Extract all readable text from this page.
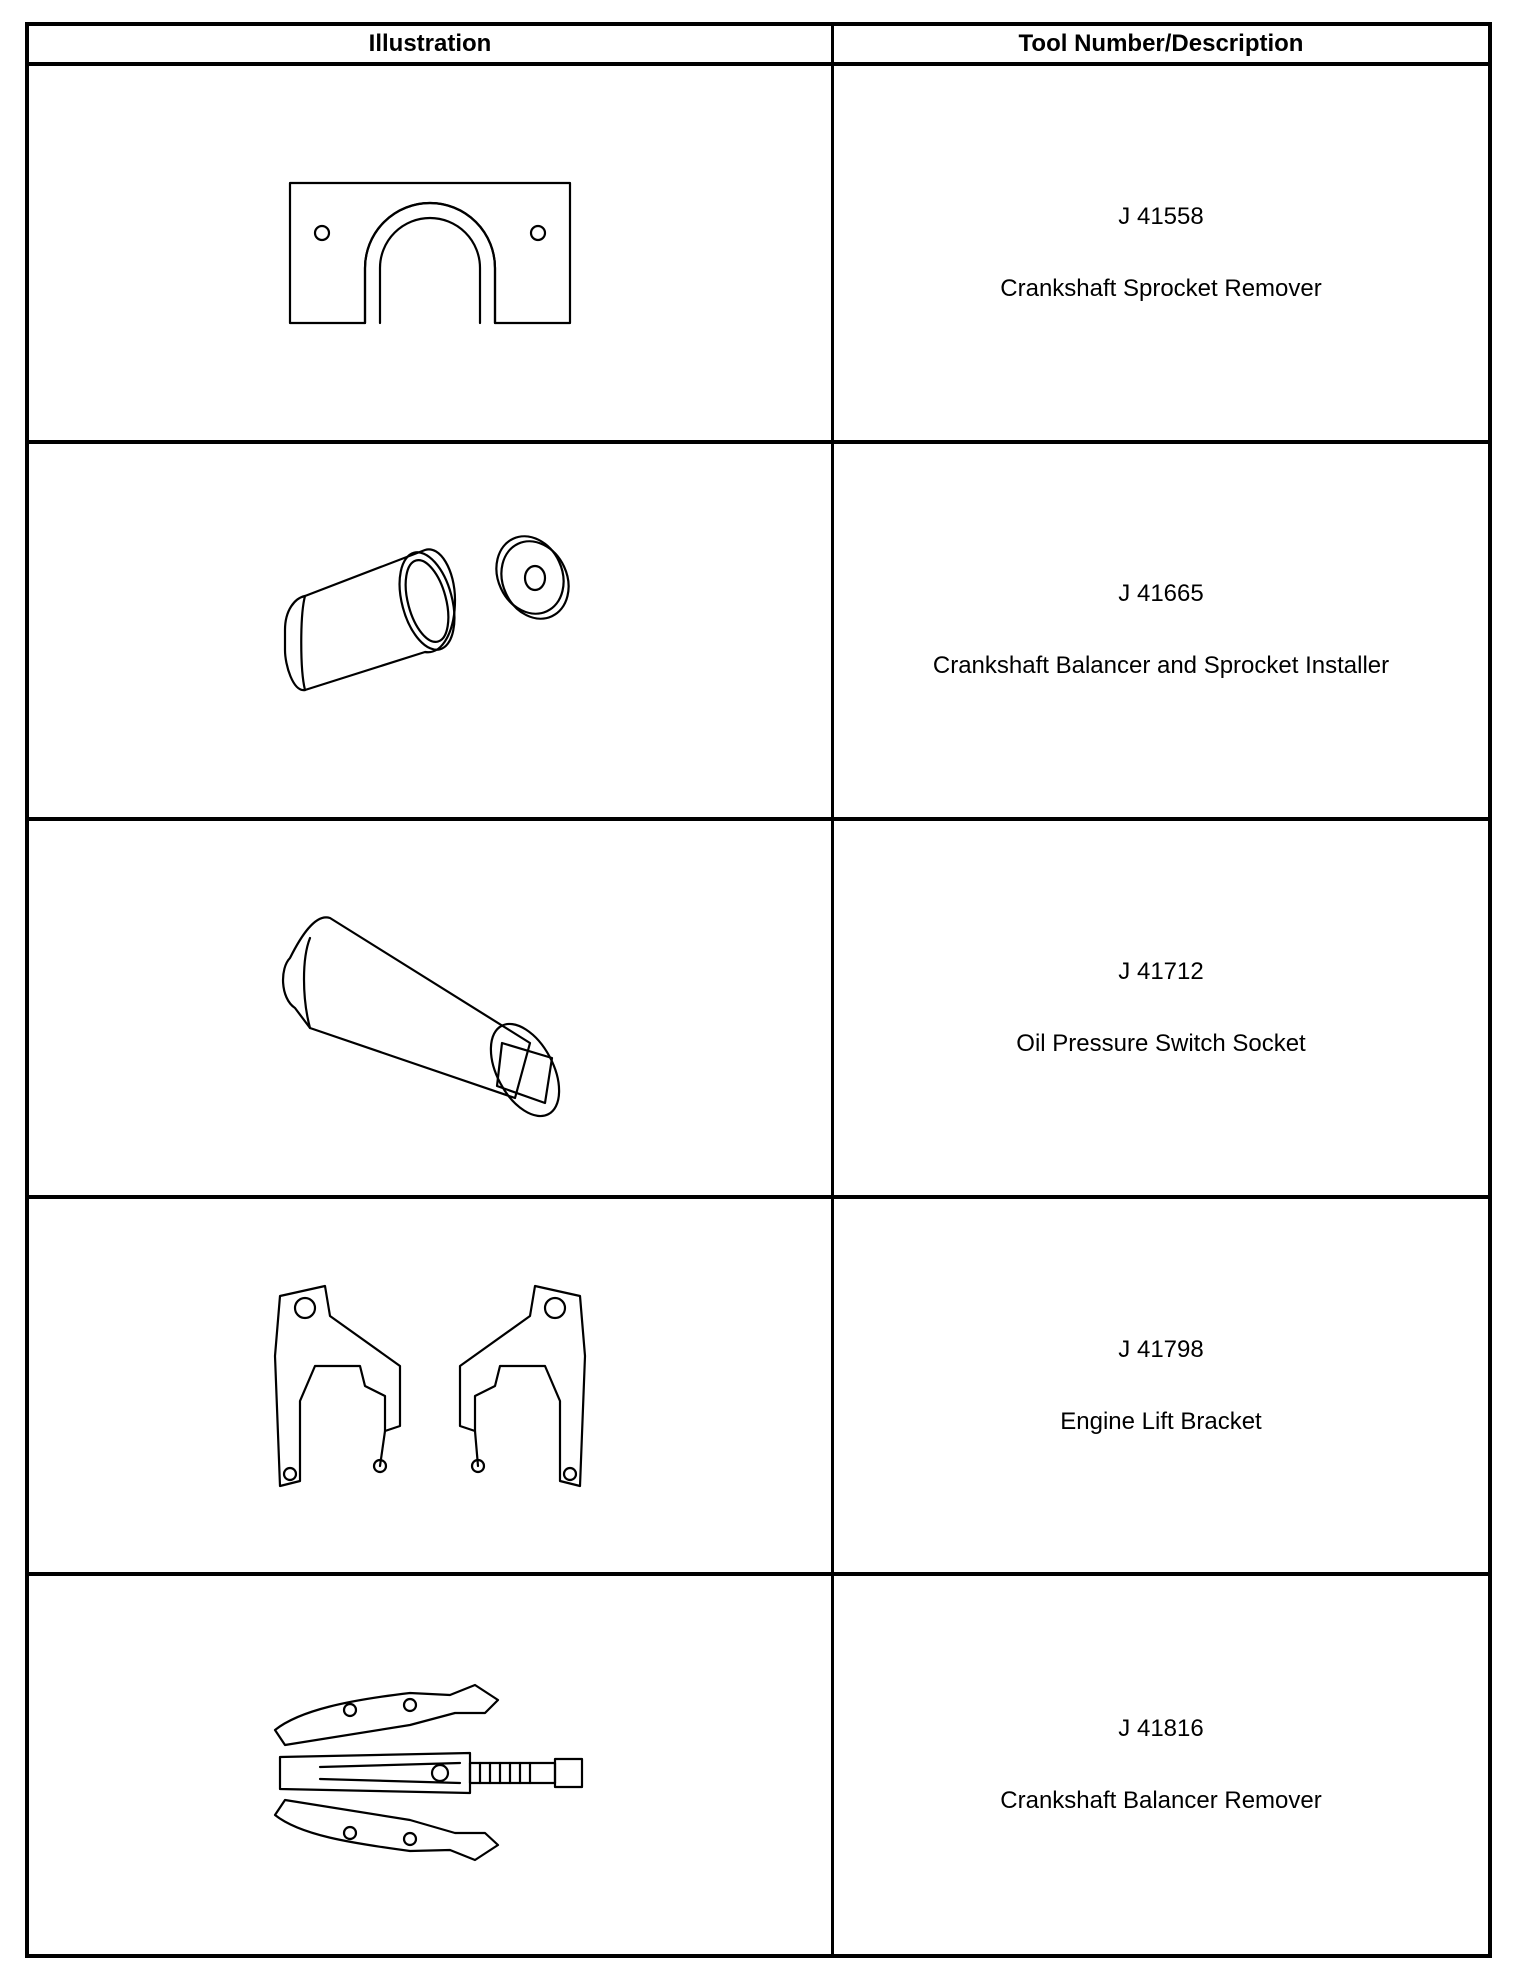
Illustration	Tool Number/Description
J 41558
Crankshaft Sprocket Remover
J 41665
Crankshaft Balancer and Sprocket Installer
J 41712
Oil Pressure Switch Socket
J 41798
Engine Lift Bracket
J 41816
Crankshaft Balancer Remover
